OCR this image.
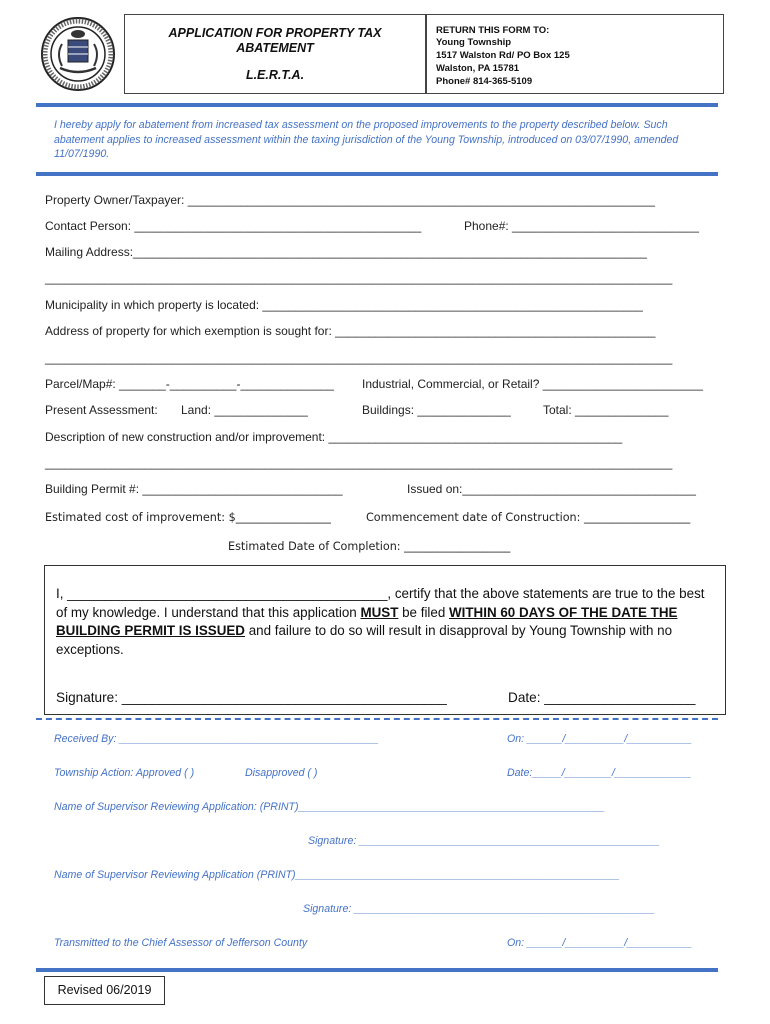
APPLICATION FOR PROPERTY TAX
ABATEMENT
L.E.R.T.A.
RETURN THIS FORM TO:
Young Township
1517 Walston Rd/ PO Box 125
Walston, PA 15781
Phone# 814-365-5109
I hereby apply for abatement from increased tax assessment on the proposed improvements to the property described below. Such abatement applies to increased assessment within the taxing jurisdiction of the Young Township, introduced on 03/07/1990, amended 11/07/1990.
Property Owner/Taxpayer: ______________________________________________________________________
Contact Person: ___________________________________________	Phone#: ____________________________
Mailing Address:_____________________________________________________________________________
______________________________________________________________________________________________
Municipality in which property is located: _________________________________________________________
Address of property for which exemption is sought for: ________________________________________________
______________________________________________________________________________________________
Parcel/Map#: _______-__________-______________ Industrial, Commercial, or Retail? ________________________
Present Assessment: Land: ______________	Buildings: ______________	Total: ______________
Description of new construction and/or improvement: ____________________________________________
______________________________________________________________________________________________
Building Permit #: ______________________________	Issued on:___________________________________
Estimated cost of improvement: $_________________	Commencement date of Construction: ___________________
Estimated Date of Completion: ___________________
I, ___________________________________________, certify that the above statements are true to the best of my knowledge. I understand that this application MUST be filed WITHIN 60 DAYS OF THE DATE THE BUILDING PERMIT IS ISSUED and failure to do so will result in disapproval by Young Township with no exceptions.
Signature: ___________________________________________	Date: ____________________
Received By: ____________________________________________	On: ______/__________/___________
Township Action: Approved ( )	Disapproved ( )	Date:_____/________/_____________
Name of Supervisor Reviewing Application: (PRINT)____________________________________________________
Signature: ___________________________________________________
Name of Supervisor Reviewing Application (PRINT)_______________________________________________________
Signature: ___________________________________________________
Transmitted to the Chief Assessor of Jefferson County	On: ______/__________/___________
Revised 06/2019
